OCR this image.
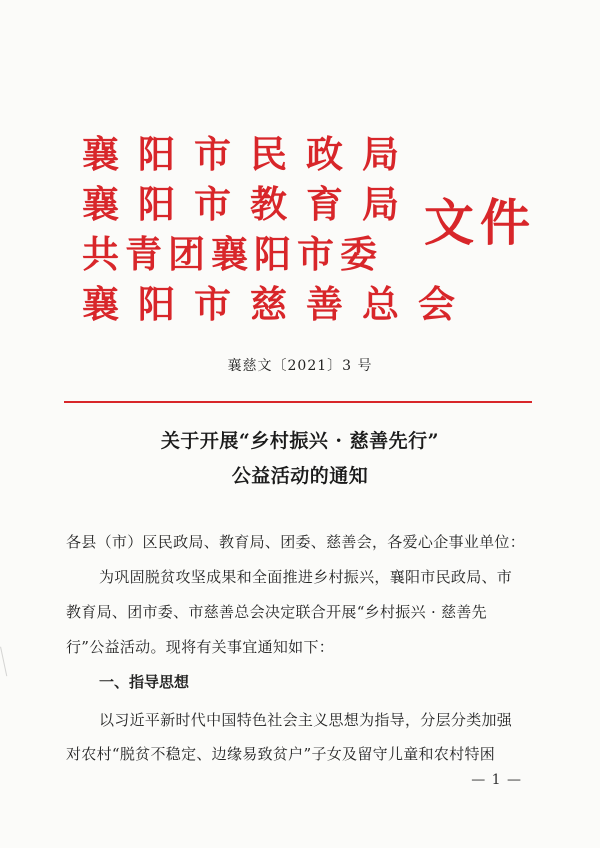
襄阳市民政局
襄阳市教育局
共青团襄阳市委
襄阳市慈善总会
文件
襄慈文〔2021〕3 号
关于开展“乡村振兴 · 慈善先行”
公益活动的通知
各县（市）区民政局、教育局、团委、慈善会，各爱心企事业单位：
为巩固脱贫攻坚成果和全面推进乡村振兴，襄阳市民政局、市
教育局、团市委、市慈善总会决定联合开展“乡村振兴 · 慈善先
行”公益活动。现将有关事宜通知如下：
一、指导思想
以习近平新时代中国特色社会主义思想为指导，分层分类加强
对农村“脱贫不稳定、边缘易致贫户”子女及留守儿童和农村特困
— 1 —
